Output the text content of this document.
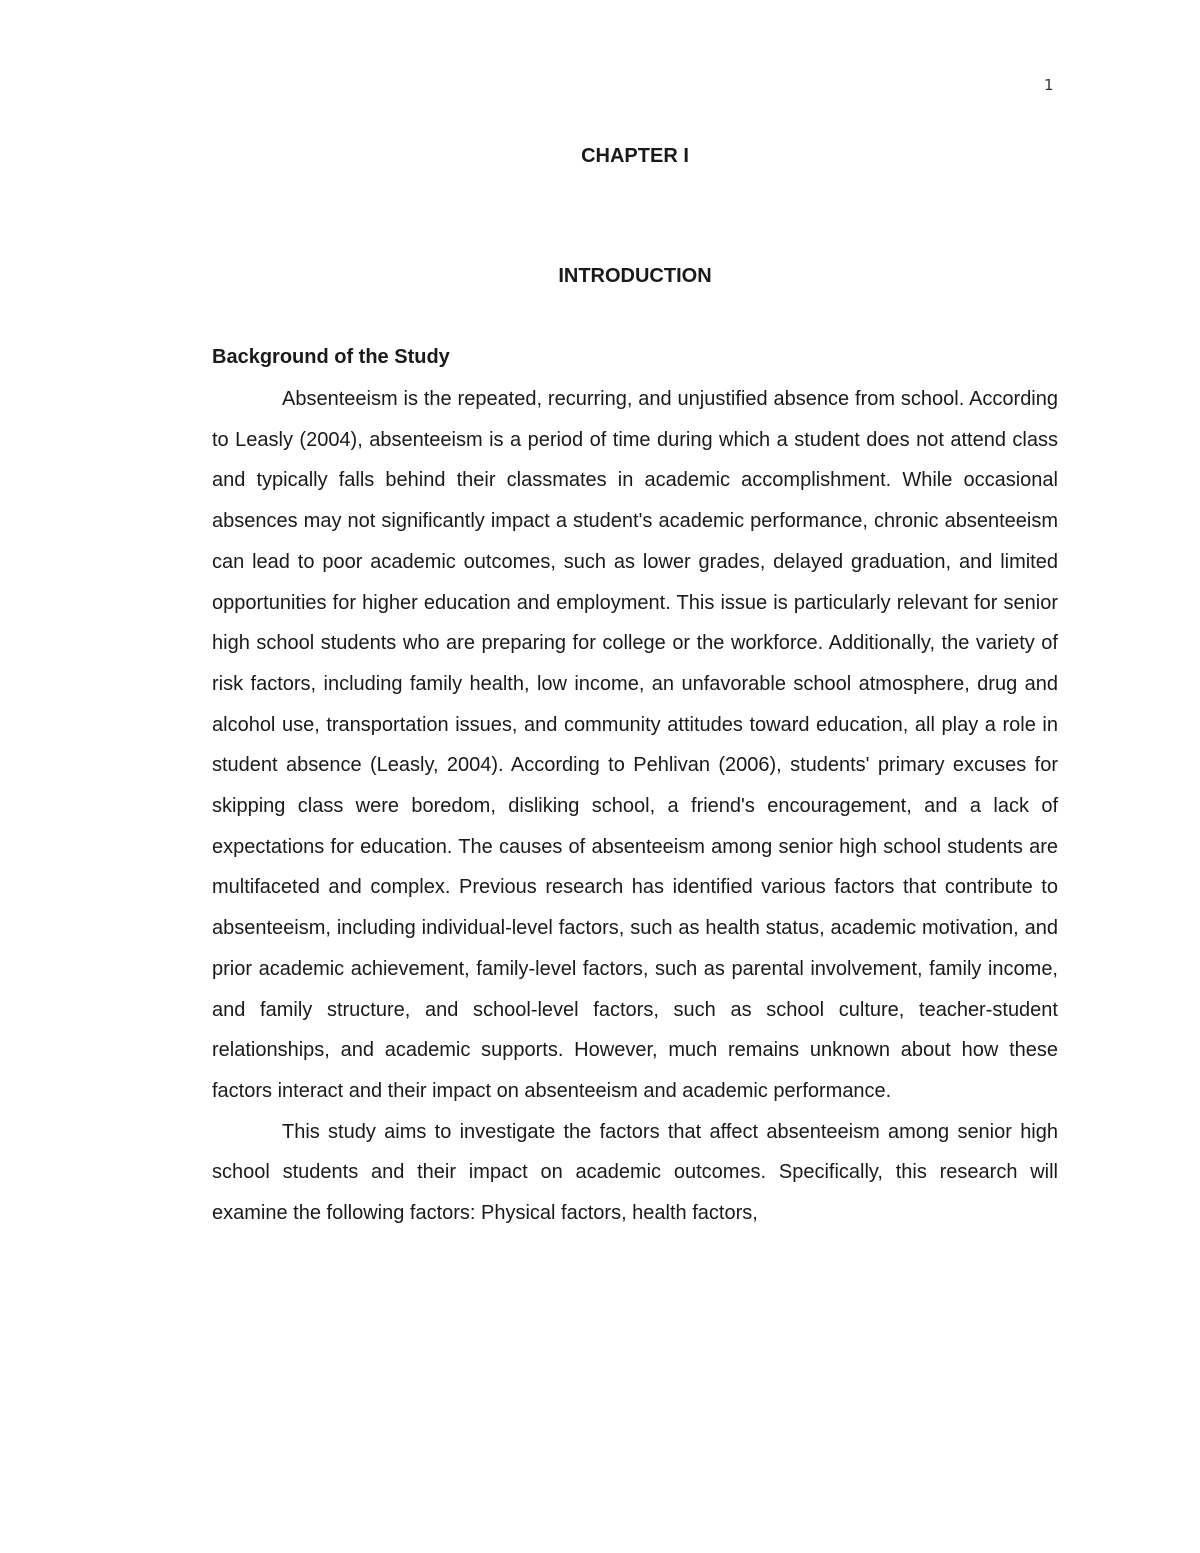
1
CHAPTER I
INTRODUCTION
Background of the Study

Absenteeism is the repeated, recurring, and unjustified absence from school. According to Leasly (2004), absenteeism is a period of time during which a student does not attend class and typically falls behind their classmates in academic accomplishment. While occasional absences may not significantly impact a student's academic performance, chronic absenteeism can lead to poor academic outcomes, such as lower grades, delayed graduation, and limited opportunities for higher education and employment. This issue is particularly relevant for senior high school students who are preparing for college or the workforce. Additionally, the variety of risk factors, including family health, low income, an unfavorable school atmosphere, drug and alcohol use, transportation issues, and community attitudes toward education, all play a role in student absence (Leasly, 2004). According to Pehlivan (2006), students' primary excuses for skipping class were boredom, disliking school, a friend's encouragement, and a lack of expectations for education. The causes of absenteeism among senior high school students are multifaceted and complex. Previous research has identified various factors that contribute to absenteeism, including individual-level factors, such as health status, academic motivation, and prior academic achievement, family-level factors, such as parental involvement, family income, and family structure, and school-level factors, such as school culture, teacher-student relationships, and academic supports. However, much remains unknown about how these factors interact and their impact on absenteeism and academic performance.

This study aims to investigate the factors that affect absenteeism among senior high school students and their impact on academic outcomes. Specifically, this research will examine the following factors: Physical factors, health factors,
